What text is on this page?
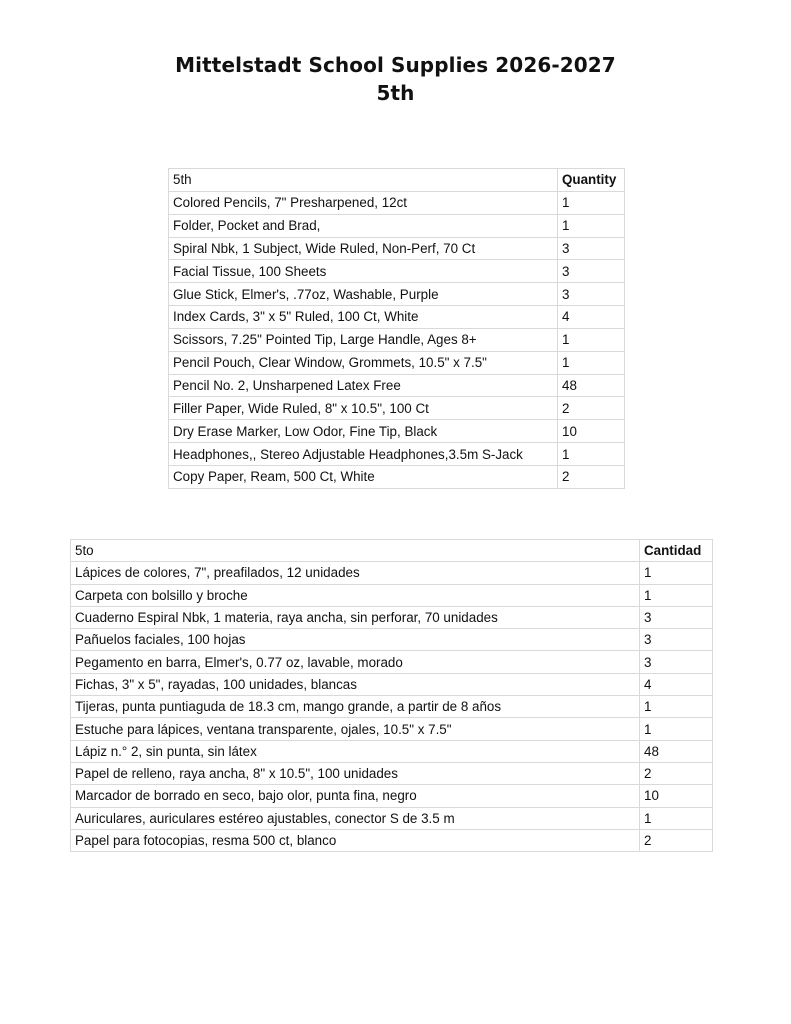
Mittelstadt School Supplies 2026-2027
5th
5th	Quantity
Colored Pencils, 7" Presharpened, 12ct	1
Folder, Pocket and Brad,	1
Spiral Nbk, 1 Subject, Wide Ruled, Non-Perf, 70 Ct	3
Facial Tissue, 100 Sheets	3
Glue Stick, Elmer's, .77oz, Washable, Purple	3
Index Cards, 3" x 5" Ruled, 100 Ct, White	4
Scissors, 7.25" Pointed Tip, Large Handle, Ages 8+	1
Pencil Pouch, Clear Window, Grommets, 10.5" x 7.5"	1
Pencil No. 2, Unsharpened Latex Free	48
Filler Paper, Wide Ruled, 8" x 10.5", 100 Ct	2
Dry Erase Marker, Low Odor, Fine Tip, Black	10
Headphones,, Stereo Adjustable Headphones,3.5m S-Jack	1
Copy Paper, Ream, 500 Ct, White	2
5to	Cantidad
Lápices de colores, 7", preafilados, 12 unidades	1
Carpeta con bolsillo y broche	1
Cuaderno Espiral Nbk, 1 materia, raya ancha, sin perforar, 70 unidades	3
Pañuelos faciales, 100 hojas	3
Pegamento en barra, Elmer's, 0.77 oz, lavable, morado	3
Fichas, 3" x 5", rayadas, 100 unidades, blancas	4
Tijeras, punta puntiaguda de 18.3 cm, mango grande, a partir de 8 años	1
Estuche para lápices, ventana transparente, ojales, 10.5" x 7.5"	1
Lápiz n.° 2, sin punta, sin látex	48
Papel de relleno, raya ancha, 8" x 10.5", 100 unidades	2
Marcador de borrado en seco, bajo olor, punta fina, negro	10
Auriculares, auriculares estéreo ajustables, conector S de 3.5 m	1
Papel para fotocopias, resma 500 ct, blanco	2
